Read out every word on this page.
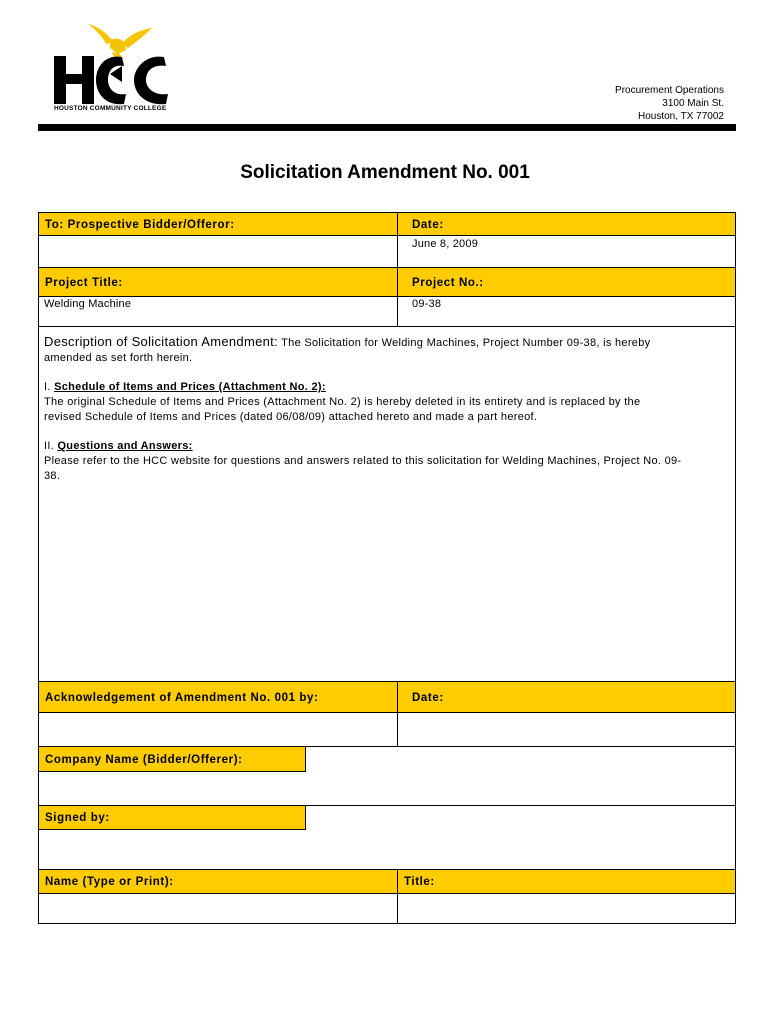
HOUSTON COMMUNITY COLLEGE
Procurement Operations
3100 Main St.
Houston, TX 77002
Solicitation Amendment No. 001
To: Prospective Bidder/Offeror:	Date:
June 8, 2009
Project Title:
Welding Machine
Project No.:
09-38
Description of Solicitation Amendment: The Solicitation for Welding Machines, Project Number 09-38, is hereby
amended as set forth herein.
I. Schedule of Items and Prices (Attachment No. 2):
The original Schedule of Items and Prices (Attachment No. 2) is hereby deleted in its entirety and is replaced by the
revised Schedule of Items and Prices (dated 06/08/09) attached hereto and made a part hereof.
II. Questions and Answers:
Please refer to the HCC website for questions and answers related to this solicitation for Welding Machines, Project No. 09-
38.
Acknowledgement of Amendment No. 001 by:	Date:
Company Name (Bidder/Offerer):
Signed by:
Name (Type or Print):	Title:
